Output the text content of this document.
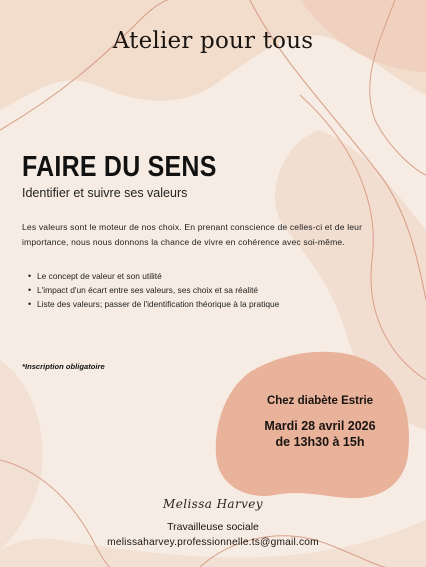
Atelier pour tous
FAIRE DU SENS
Identifier et suivre ses valeurs
Les valeurs sont le moteur de nos choix. En prenant conscience de celles-ci et de leur importance, nous nous donnons la chance de vivre en cohérence avec soi-même.
• Le concept de valeur et son utilité
• L'impact d'un écart entre ses valeurs, ses choix et sa réalité
• Liste des valeurs; passer de l'identification théorique à la pratique
*Inscription obligatoire
Chez diabète Estrie
Mardi 28 avril 2026
de 13h30 à 15h
Melissa Harvey
Travailleuse sociale
melissaharvey.professionnelle.ts@gmail.com
